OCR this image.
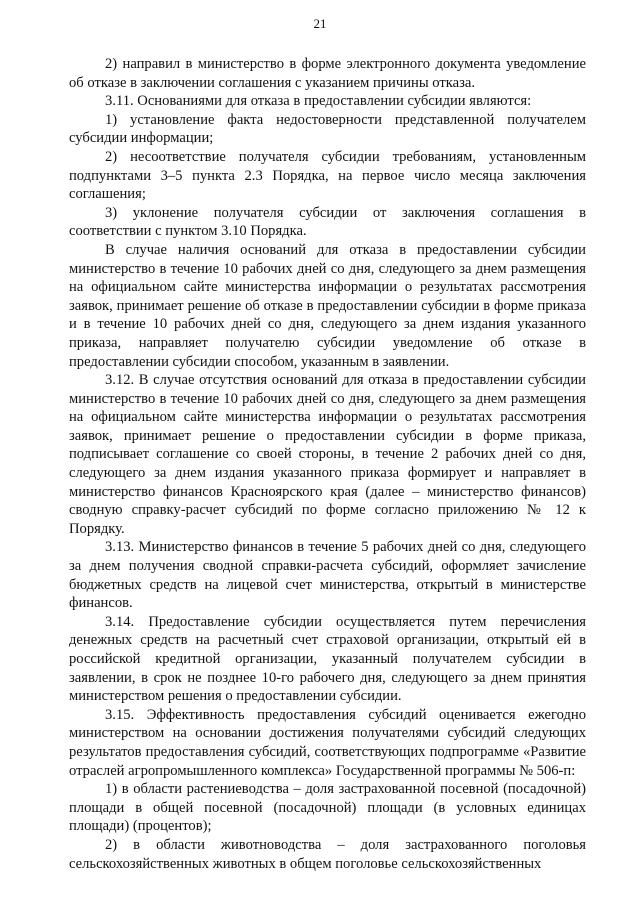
21

2) направил в министерство в форме электронного документа уведомление об отказе в заключении соглашения с указанием причины отказа.

3.11. Основаниями для отказа в предоставлении субсидии являются:

1) установление факта недостоверности представленной получателем субсидии информации;

2) несоответствие получателя субсидии требованиям, установленным подпунктами 3–5 пункта 2.3 Порядка, на первое число месяца заключения соглашения;

3) уклонение получателя субсидии от заключения соглашения в соответствии с пунктом 3.10 Порядка.

В случае наличия оснований для отказа в предоставлении субсидии министерство в течение 10 рабочих дней со дня, следующего за днем размещения на официальном сайте министерства информации о результатах рассмотрения заявок, принимает решение об отказе в предоставлении субсидии в форме приказа и в течение 10 рабочих дней со дня, следующего за днем издания указанного приказа, направляет получателю субсидии уведомление об отказе в предоставлении субсидии способом, указанным в заявлении.

3.12. В случае отсутствия оснований для отказа в предоставлении субсидии министерство в течение 10 рабочих дней со дня, следующего за днем размещения на официальном сайте министерства информации о результатах рассмотрения заявок, принимает решение о предоставлении субсидии в форме приказа, подписывает соглашение со своей стороны, в течение 2 рабочих дней со дня, следующего за днем издания указанного приказа формирует и направляет в министерство финансов Красноярского края (далее – министерство финансов) сводную справку-расчет субсидий по форме согласно приложению № 12 к Порядку.

3.13. Министерство финансов в течение 5 рабочих дней со дня, следующего за днем получения сводной справки-расчета субсидий, оформляет зачисление бюджетных средств на лицевой счет министерства, открытый в министерстве финансов.

3.14. Предоставление субсидии осуществляется путем перечисления денежных средств на расчетный счет страховой организации, открытый ей в российской кредитной организации, указанный получателем субсидии в заявлении, в срок не позднее 10-го рабочего дня, следующего за днем принятия министерством решения о предоставлении субсидии.

3.15. Эффективность предоставления субсидий оценивается ежегодно министерством на основании достижения получателями субсидий следующих результатов предоставления субсидий, соответствующих подпрограмме «Развитие отраслей агропромышленного комплекса» Государственной программы № 506-п:

1) в области растениеводства – доля застрахованной посевной (посадочной) площади в общей посевной (посадочной) площади (в условных единицах площади) (процентов);

2) в области животноводства – доля застрахованного поголовья сельскохозяйственных животных в общем поголовье сельскохозяйственных
